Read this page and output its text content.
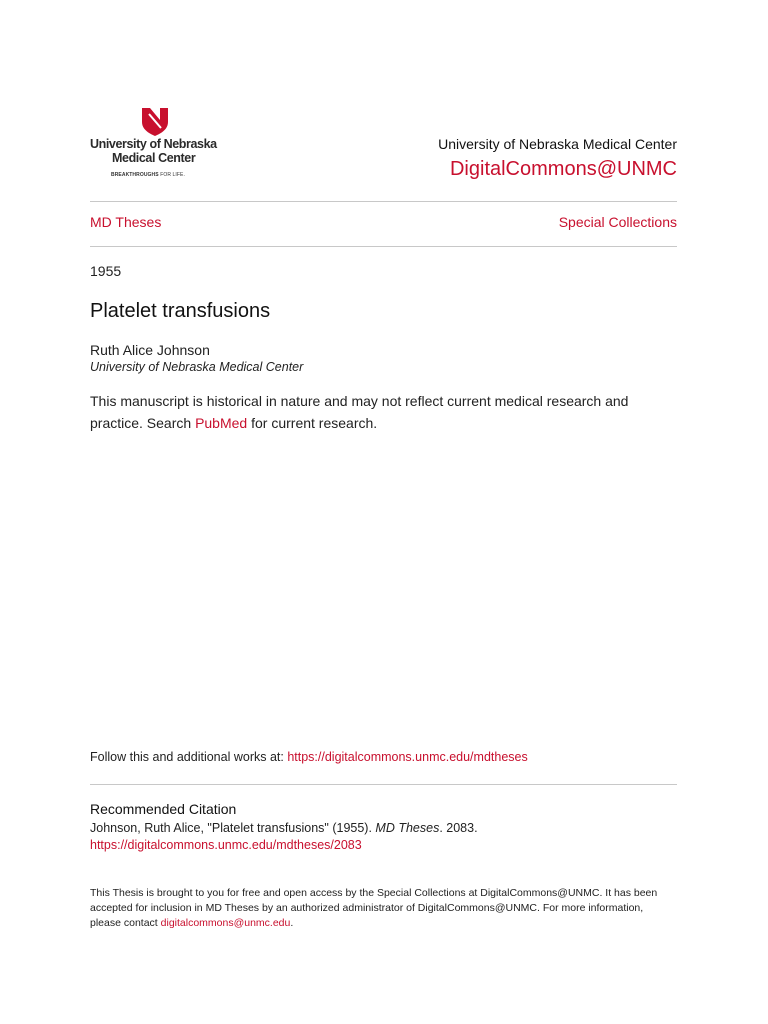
University of Nebraska
Medical Center
BREAKTHROUGHS FOR LIFE.
University of Nebraska Medical Center
DigitalCommons@UNMC
MD Theses	Special Collections
1955
Platelet transfusions
Ruth Alice Johnson
University of Nebraska Medical Center
This manuscript is historical in nature and may not reflect current medical research and practice. Search PubMed for current research.
Follow this and additional works at: https://digitalcommons.unmc.edu/mdtheses
Recommended Citation
Johnson, Ruth Alice, "Platelet transfusions" (1955). MD Theses. 2083.
https://digitalcommons.unmc.edu/mdtheses/2083
This Thesis is brought to you for free and open access by the Special Collections at DigitalCommons@UNMC. It has been accepted for inclusion in MD Theses by an authorized administrator of DigitalCommons@UNMC. For more information, please contact digitalcommons@unmc.edu.
